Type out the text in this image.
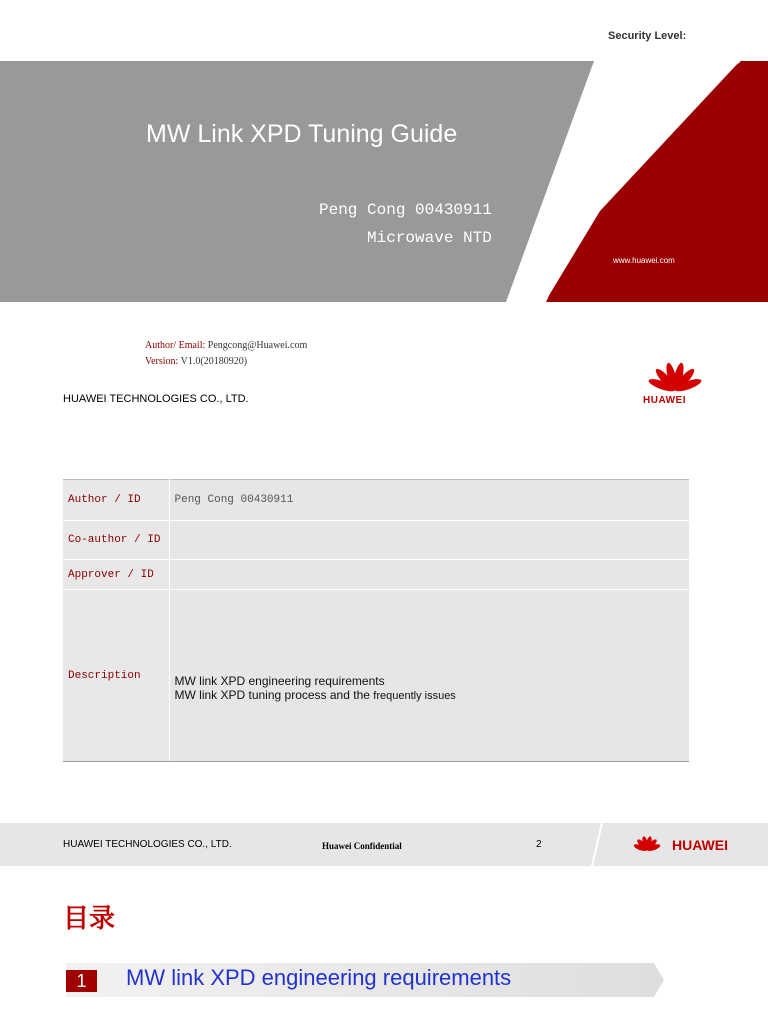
Security Level:
MW Link XPD Tuning Guide
Peng Cong 00430911
Microwave NTD
www.huawei.com
Author/ Email: Pengcong@Huawei.com
Version: V1.0(20180920)
HUAWEI TECHNOLOGIES CO., LTD.	HUAWEI
Author / ID	Peng Cong 00430911
Co-author / ID	
Approver / ID	
Description	MW link XPD engineering requirements
MW link XPD tuning process and the frequently issues
HUAWEI TECHNOLOGIES CO., LTD.	Huawei Confidential	2	HUAWEI
目录
1	MW link XPD engineering requirements
